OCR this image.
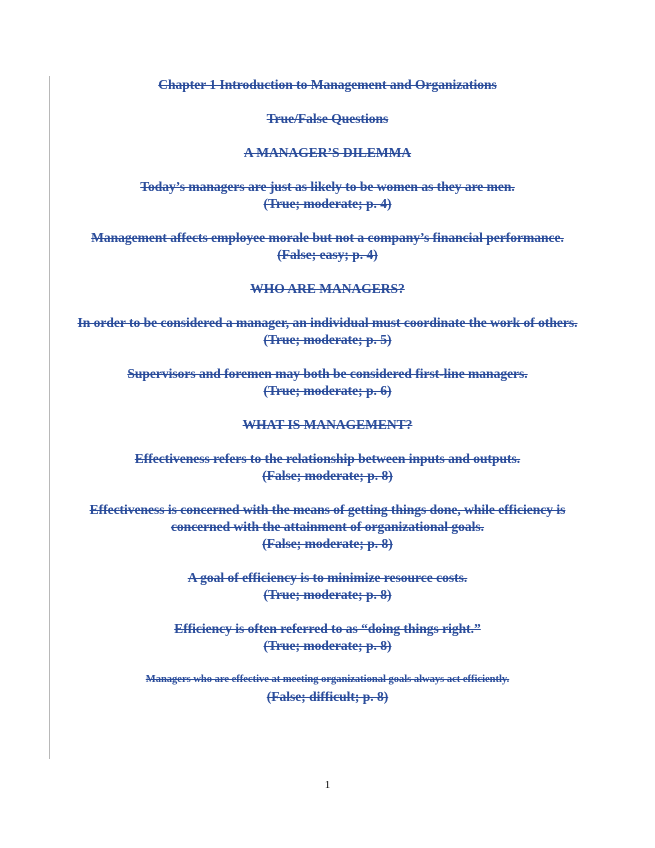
Chapter 1 Introduction to Management and Organizations
True/False Questions
A MANAGER’S DILEMMA
Today’s managers are just as likely to be women as they are men.
(True; moderate; p. 4)
Management affects employee morale but not a company’s financial performance.
(False; easy; p. 4)
WHO ARE MANAGERS?
In order to be considered a manager, an individual must coordinate the work of others.
(True; moderate; p. 5)
Supervisors and foremen may both be considered first-line managers.
(True; moderate; p. 6)
WHAT IS MANAGEMENT?
Effectiveness refers to the relationship between inputs and outputs.
(False; moderate; p. 8)
Effectiveness is concerned with the means of getting things done, while efficiency is concerned with the attainment of organizational goals.
(False; moderate; p. 8)
A goal of efficiency is to minimize resource costs.
(True; moderate; p. 8)
Efficiency is often referred to as “doing things right.”
(True; moderate; p. 8)
Managers who are effective at meeting organizational goals always act efficiently.
(False; difficult; p. 8)
1
